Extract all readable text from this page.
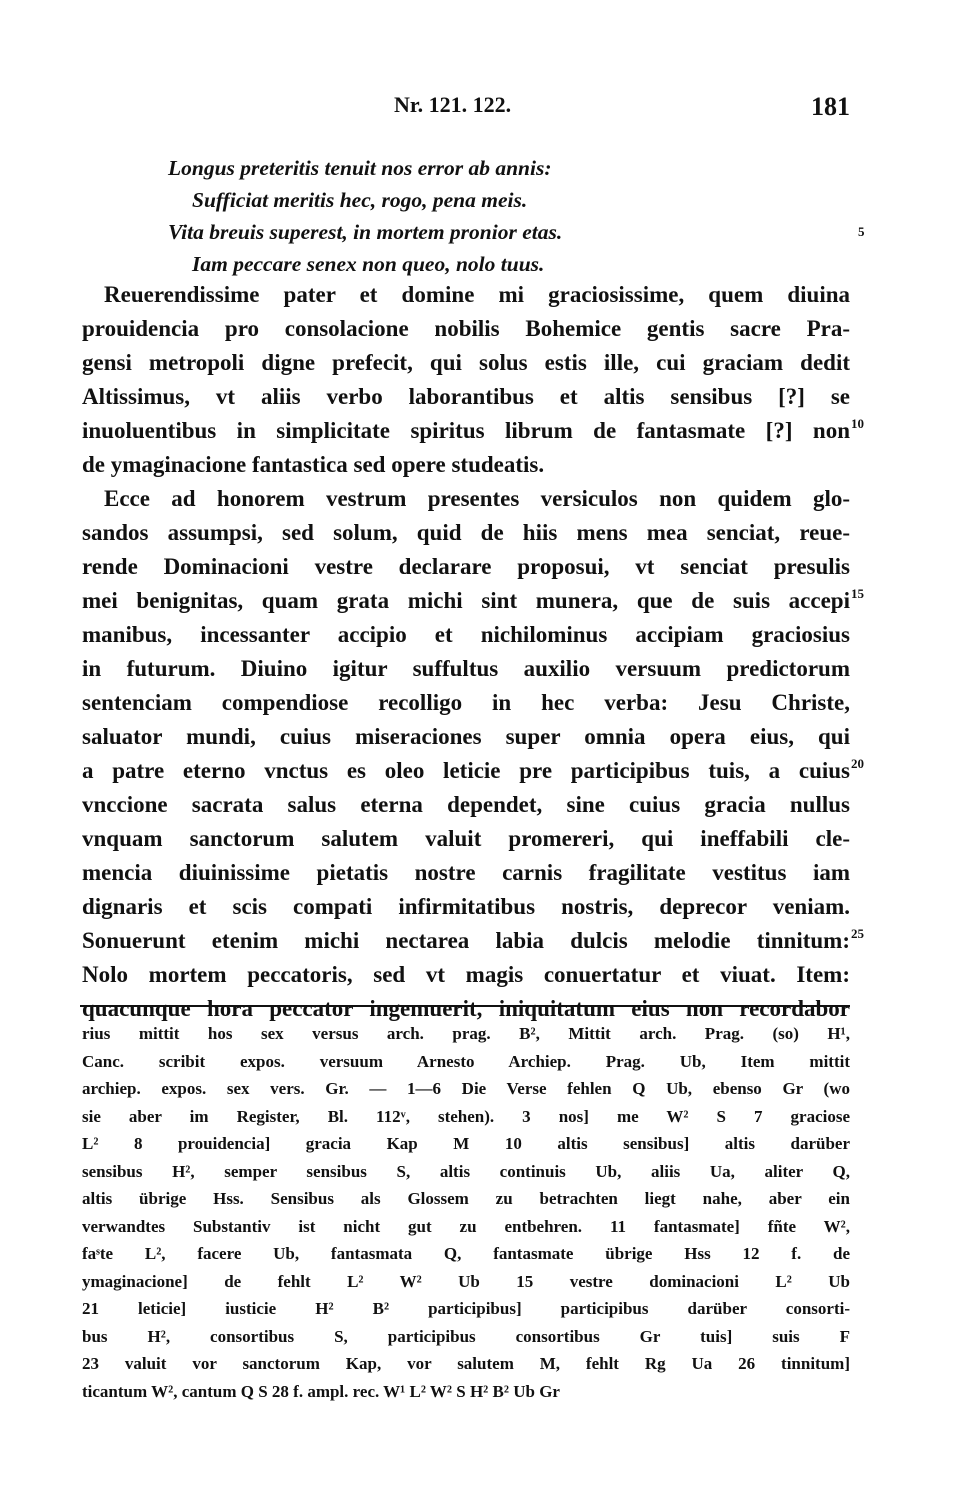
Nr. 121. 122.	181
Longus preteritis tenuit nos error ab annis:
Sufficiat meritis hec, rogo, pena meis.
Vita breuis superest, in mortem pronior etas.
Iam peccare senex non queo, nolo tuus.
5
Reuerendissime pater et domine mi graciosissime, quem diuina
prouidencia pro consolacione nobilis Bohemice gentis sacre Pra-
gensi metropoli digne prefecit, qui solus estis ille, cui graciam dedit
Altissimus, vt aliis verbo laborantibus et altis sensibus [?] se
inuoluentibus in simplicitate spiritus librum de fantasmate [?] non
de ymaginacione fantastica sed opere studeatis.
Ecce ad honorem vestrum presentes versiculos non quidem glo-
sandos assumpsi, sed solum, quid de hiis mens mea senciat, reue-
rende Dominacioni vestre declarare proposui, vt senciat presulis
mei benignitas, quam grata michi sint munera, que de suis accepi
manibus, incessanter accipio et nichilominus accipiam graciosius
in futurum. Diuino igitur suffultus auxilio versuum predictorum
sentenciam compendiose recolligo in hec verba: Jesu Christe,
saluator mundi, cuius miseraciones super omnia opera eius, qui
a patre eterno vnctus es oleo leticie pre participibus tuis, a cuius
vnccione sacrata salus eterna dependet, sine cuius gracia nullus
vnquam sanctorum salutem valuit promereri, qui ineffabili cle-
mencia diuinissime pietatis nostre carnis fragilitate vestitus iam
dignaris et scis compati infirmitatibus nostris, deprecor veniam.
Sonuerunt etenim michi nectarea labia dulcis melodie tinnitum:
Nolo mortem peccatoris, sed vt magis conuertatur et viuat. Item:
quacunque hora peccator ingemuerit, iniquitatum eius non recordabor
10
15
20
25
rius mittit hos sex versus arch. prag. B², Mittit arch. Prag. (so) H¹,
Canc. scribit expos. versuum Arnesto Archiep. Prag. Ub, Item mittit
archiep. expos. sex vers. Gr. — 1—6 Die Verse fehlen Q Ub, ebenso Gr (wo
sie aber im Register, Bl. 112ᵛ, stehen). 3 nos] me W² S 7 graciose
L² 8 prouidencia] gracia Kap M 10 altis sensibus] altis darüber
sensibus H², semper sensibus S, altis continuis Ub, aliis Ua, aliter Q,
altis übrige Hss. Sensibus als Glossem zu betrachten liegt nahe, aber ein
verwandtes Substantiv ist nicht gut zu entbehren. 11 fantasmate] fñte W²,
faˢte L², facere Ub, fantasmata Q, fantasmate übrige Hss 12 f. de
ymaginacione] de fehlt L² W² Ub 15 vestre dominacioni L² Ub
21 leticie] iusticie H² B² participibus] participibus darüber consorti-
bus H², consortibus S, participibus consortibus Gr tuis] suis F
23 valuit vor sanctorum Kap, vor salutem M, fehlt Rg Ua 26 tinnitum]
ticantum W², cantum Q S 28 f. ampl. rec. W¹ L² W² S H² B² Ub Gr
